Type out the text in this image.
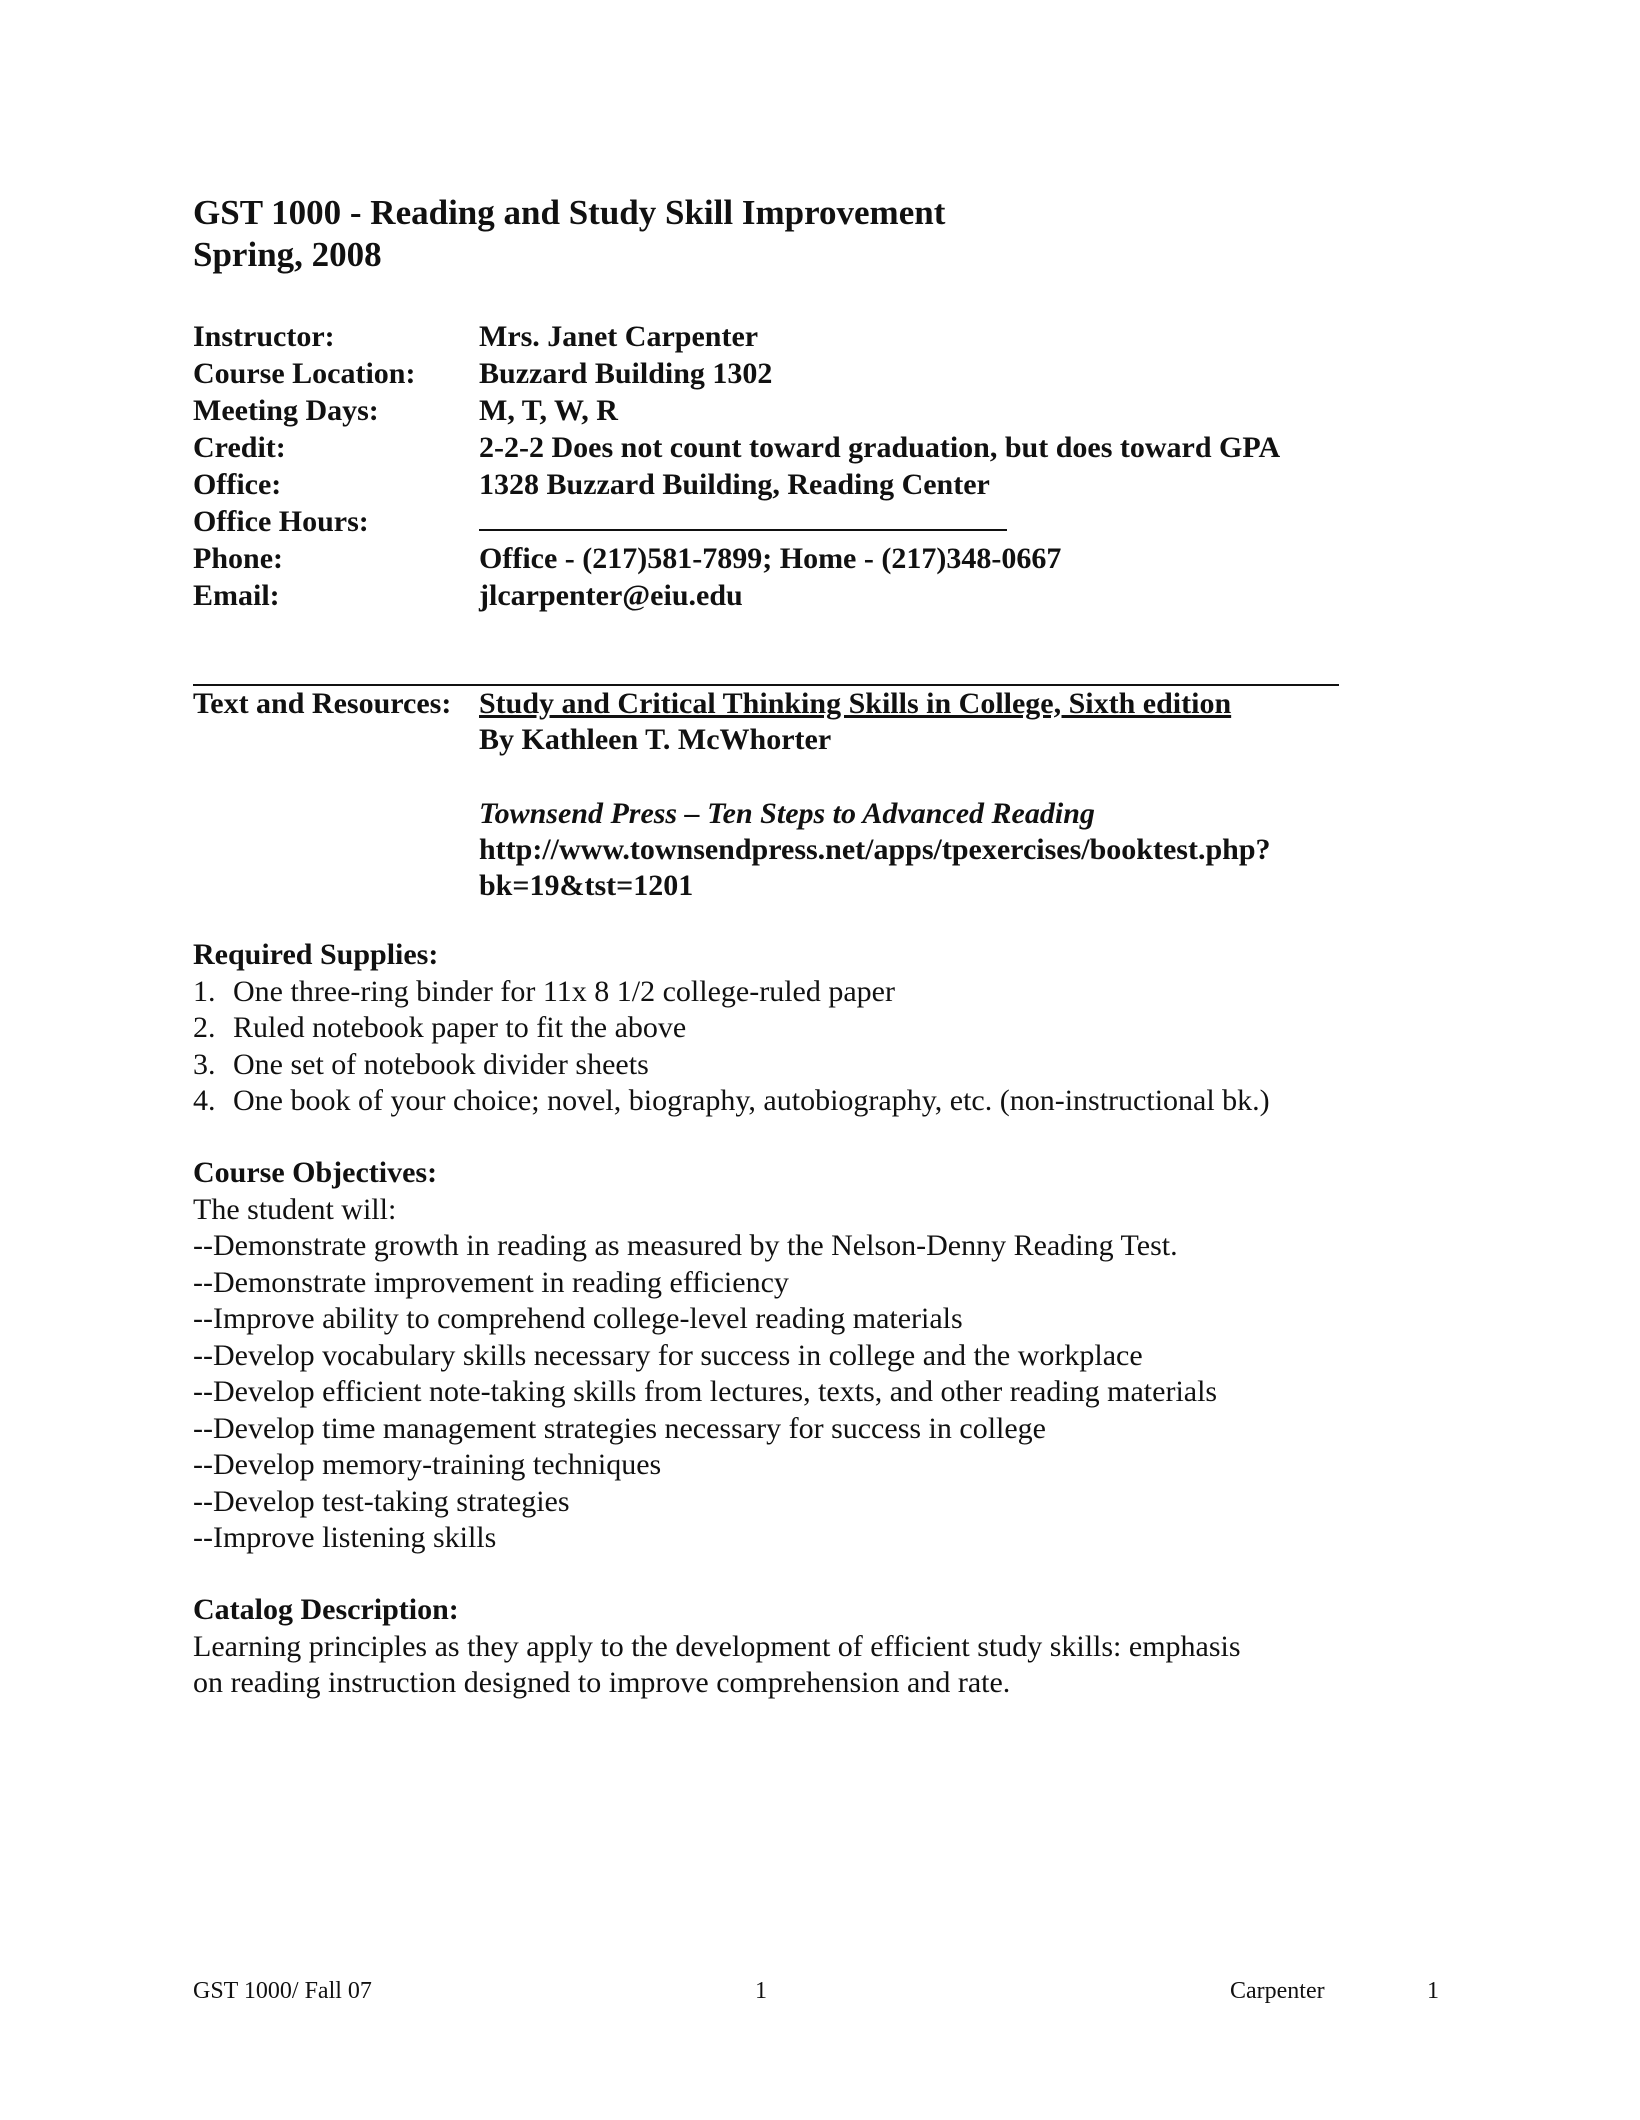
GST 1000 - Reading and Study Skill Improvement
Spring, 2008
Instructor:	Mrs. Janet Carpenter
Course Location:	Buzzard Building 1302
Meeting Days:	M, T, W, R
Credit:	2-2-2 Does not count toward graduation, but does toward GPA
Office:	1328 Buzzard Building, Reading Center
Office Hours:
Phone:	Office - (217)581-7899; Home - (217)348-0667
Email:	jlcarpenter@eiu.edu
Text and Resources: Study and Critical Thinking Skills in College, Sixth edition
By Kathleen T. McWhorter
Townsend Press – Ten Steps to Advanced Reading
http://www.townsendpress.net/apps/tpexercises/booktest.php?
bk=19&tst=1201
Required Supplies:
1. One three-ring binder for 11x 8 1/2 college-ruled paper
2. Ruled notebook paper to fit the above
3. One set of notebook divider sheets
4. One book of your choice; novel, biography, autobiography, etc. (non-instructional bk.)
Course Objectives:
The student will:
--Demonstrate growth in reading as measured by the Nelson-Denny Reading Test.
--Demonstrate improvement in reading efficiency
--Improve ability to comprehend college-level reading materials
--Develop vocabulary skills necessary for success in college and the workplace
--Develop efficient note-taking skills from lectures, texts, and other reading materials
--Develop time management strategies necessary for success in college
--Develop memory-training techniques
--Develop test-taking strategies
--Improve listening skills
Catalog Description:
Learning principles as they apply to the development of efficient study skills: emphasis
on reading instruction designed to improve comprehension and rate.
GST 1000/ Fall 07	1	Carpenter	1
